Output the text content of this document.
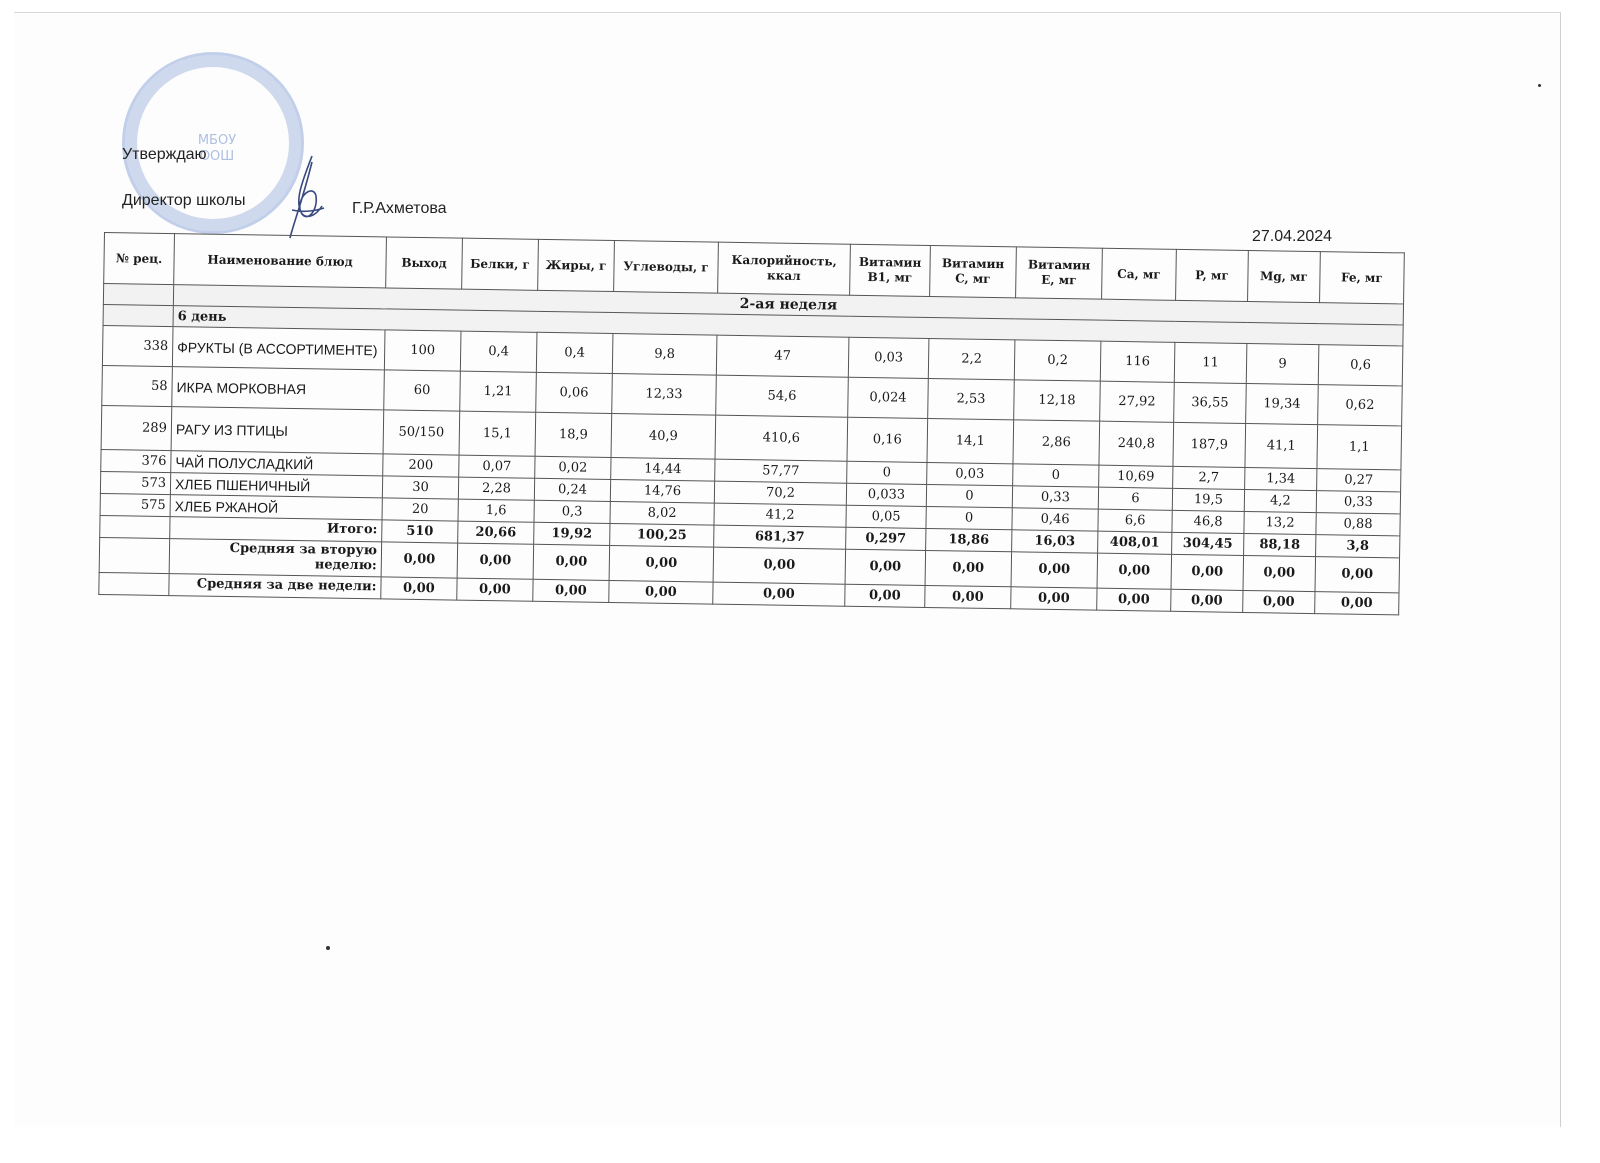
МБОУ ООШ
Утверждаю
Директор школы	Г.Р.Ахметова
27.04.2024
№ рец.	Наименование блюд	Выход	Белки, г	Жиры, г	Углеводы, г	Калорийность, ккал	Витамин B1, мг	Витамин C, мг	Витамин E, мг	Ca, мг	P, мг	Mg, мг	Fe, мг
	2-ая неделя												
	6 день												
338	ФРУКТЫ (В АССОРТИМЕНТЕ)	100	0,4	0,4	9,8	47	0,03	2,2	0,2	116	11	9	0,6
58	ИКРА МОРКОВНАЯ	60	1,21	0,06	12,33	54,6	0,024	2,53	12,18	27,92	36,55	19,34	0,62
289	РАГУ ИЗ ПТИЦЫ	50/150	15,1	18,9	40,9	410,6	0,16	14,1	2,86	240,8	187,9	41,1	1,1
376	ЧАЙ ПОЛУСЛАДКИЙ	200	0,07	0,02	14,44	57,77	0	0,03	0	10,69	2,7	1,34	0,27
573	ХЛЕБ ПШЕНИЧНЫЙ	30	2,28	0,24	14,76	70,2	0,033	0	0,33	6	19,5	4,2	0,33
575	ХЛЕБ РЖАНОЙ	20	1,6	0,3	8,02	41,2	0,05	0	0,46	6,6	46,8	13,2	0,88
	Итого:	510	20,66	19,92	100,25	681,37	0,297	18,86	16,03	408,01	304,45	88,18	3,8
	Средняя за вторую неделю:	0,00	0,00	0,00	0,00	0,00	0,00	0,00	0,00	0,00	0,00	0,00	0,00
	Средняя за две недели:	0,00	0,00	0,00	0,00	0,00	0,00	0,00	0,00	0,00	0,00	0,00	0,00
